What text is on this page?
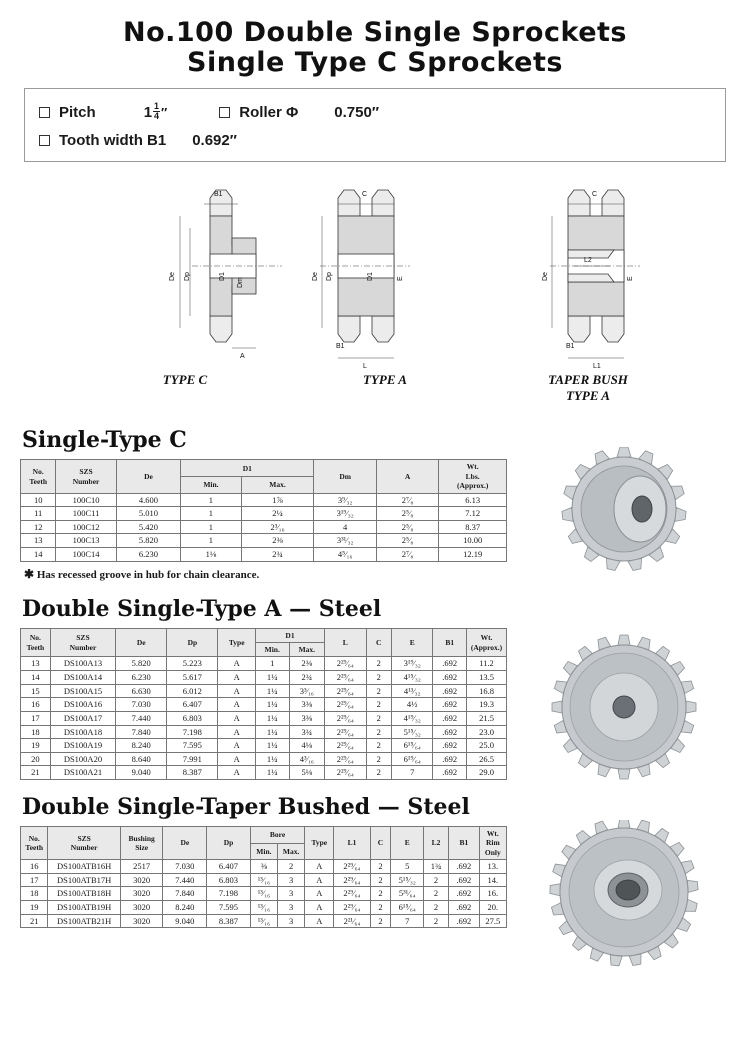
No.100 Double Single Sprockets
Single Type C Sprockets
Pitch	$1 \frac{1}{4}$ ″	Roller Φ 0.750″
Tooth width B1 0.692″
B1
De Dp	D1
Dm
A
TYPE C
C
De Dp	D1	E
B1
L
TYPE A
C
De
L2
E
B1
L1
TAPER BUSH
TYPE A
Single-Type C
No.
Teeth	SZS
Number	De	D1		Dm	A	Wt.
Lbs.
(Approx.)
			Min.	Max.			
10	100C10	4.600	1	1⅞	3⁹⁄₃₂	2⁷⁄₈	6.13
11	100C11	5.010	1	2¼	3¹⁹⁄₃₂	2⁵⁄₈	7.12
12	100C12	5.420	1	2³⁄₁₆	4	2⁵⁄₈	8.37
13	100C13	5.820	1	2⅜	3³¹⁄₃₂	2⁵⁄₈	10.00
14	100C14	6.230	1⅛	2¾	4⁵⁄₁₆	2⁷⁄₈	12.19
✱ Has recessed groove in hub for chain clearance.
Double Single-Type A — Steel
No.
Teeth	SZS
Number	De	Dp	Type	D1		L	C	E	B1	Wt.
(Approx.)
					Min.	Max.					
13	DS100A13	5.820	5.223	A	1	2⅜	2²⁹⁄₆₄	2	3¹⁹⁄₃₂	.692	11.2
14	DS100A14	6.230	5.617	A	1¼	2¾	2²⁹⁄₆₄	2	4¹⁵⁄₃₂	.692	13.5
15	DS100A15	6.630	6.012	A	1¼	3³⁄₁₆	2²⁹⁄₆₄	2	4¹³⁄₃₂	.692	16.8
16	DS100A16	7.030	6.407	A	1¼	3⅜	2²⁹⁄₆₄	2	4½	.692	19.3
17	DS100A17	7.440	6.803	A	1¼	3⅜	2²⁹⁄₆₄	2	4¹⁹⁄₃₂	.692	21.5
18	DS100A18	7.840	7.198	A	1¼	3¾	2²⁹⁄₆₄	2	5¹⁵⁄₃₂	.692	23.0
19	DS100A19	8.240	7.595	A	1¼	4⅛	2²⁹⁄₆₄	2	6¹⁵⁄₆₄	.692	25.0
20	DS100A20	8.640	7.991	A	1¼	4³⁄₁₆	2²⁹⁄₆₄	2	6¹⁹⁄₆₄	.692	26.5
21	DS100A21	9.040	8.387	A	1¼	5⅛	2²⁹⁄₆₄	2	7	.692	29.0
Double Single-Taper Bushed — Steel
No.
Teeth	SZS
Number	Bushing
Size	De	Dp	Bore		Type	L1	C	E	L2	B1	Wt.
Rim
Only
					Min.	Max.							
16	DS100ATB16H	2517	7.030	6.407	⅜	2	A	2²⁹⁄₆₄	2	5	1¾	.692	13.
17	DS100ATB17H	3020	7.440	6.803	¹³⁄₁₆	3	A	2²⁹⁄₆₄	2	5¹⁵⁄₃₂	2	.692	14.
18	DS100ATB18H	3020	7.840	7.198	¹³⁄₁₆	3	A	2²⁹⁄₆₄	2	5³¹⁄₆₄	2	.692	16.
19	DS100ATB19H	3020	8.240	7.595	¹³⁄₁₆	3	A	2²⁹⁄₆₄	2	6¹⁵⁄₆₄	2	.692	20.
21	DS100ATB21H	3020	9.040	8.387	¹³⁄₁₆	3	A	2²¹⁄₆₄	2	7	2	.692	27.5
